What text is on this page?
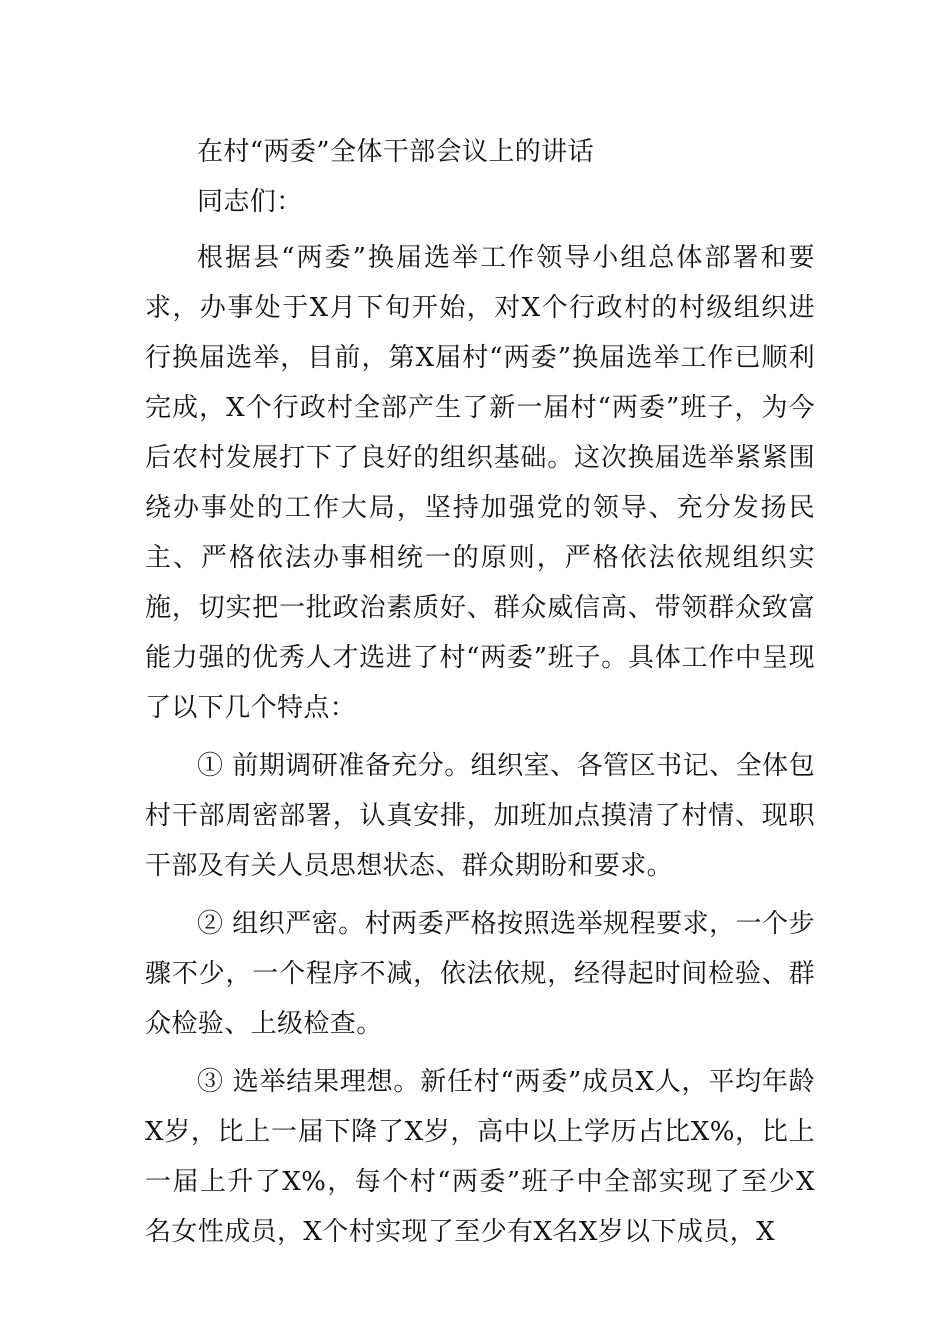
在村“两委”全体干部会议上的讲话

同志们：

根据县“两委”换届选举工作领导小组总体部署和要求，办事处于X月下旬开始，对X个行政村的村级组织进行换届选举，目前，第X届村“两委”换届选举工作已顺利完成，X个行政村全部产生了新一届村“两委”班子，为今后农村发展打下了良好的组织基础。这次换届选举紧紧围绕办事处的工作大局，坚持加强党的领导、充分发扬民主、严格依法办事相统一的原则，严格依法依规组织实施，切实把一批政治素质好、群众威信高、带领群众致富能力强的优秀人才选进了村“两委”班子。具体工作中呈现了以下几个特点：

① 前期调研准备充分。组织室、各管区书记、全体包村干部周密部署，认真安排，加班加点摸清了村情、现职干部及有关人员思想状态、群众期盼和要求。

② 组织严密。村两委严格按照选举规程要求，一个步骤不少，一个程序不减，依法依规，经得起时间检验、群众检验、上级检查。

③ 选举结果理想。新任村“两委”成员X人，平均年龄X岁，比上一届下降了X岁，高中以上学历占比X%，比上一届上升了X%，每个村“两委”班子中全部实现了至少X名女性成员，X个村实现了至少有X名X岁以下成员，X
